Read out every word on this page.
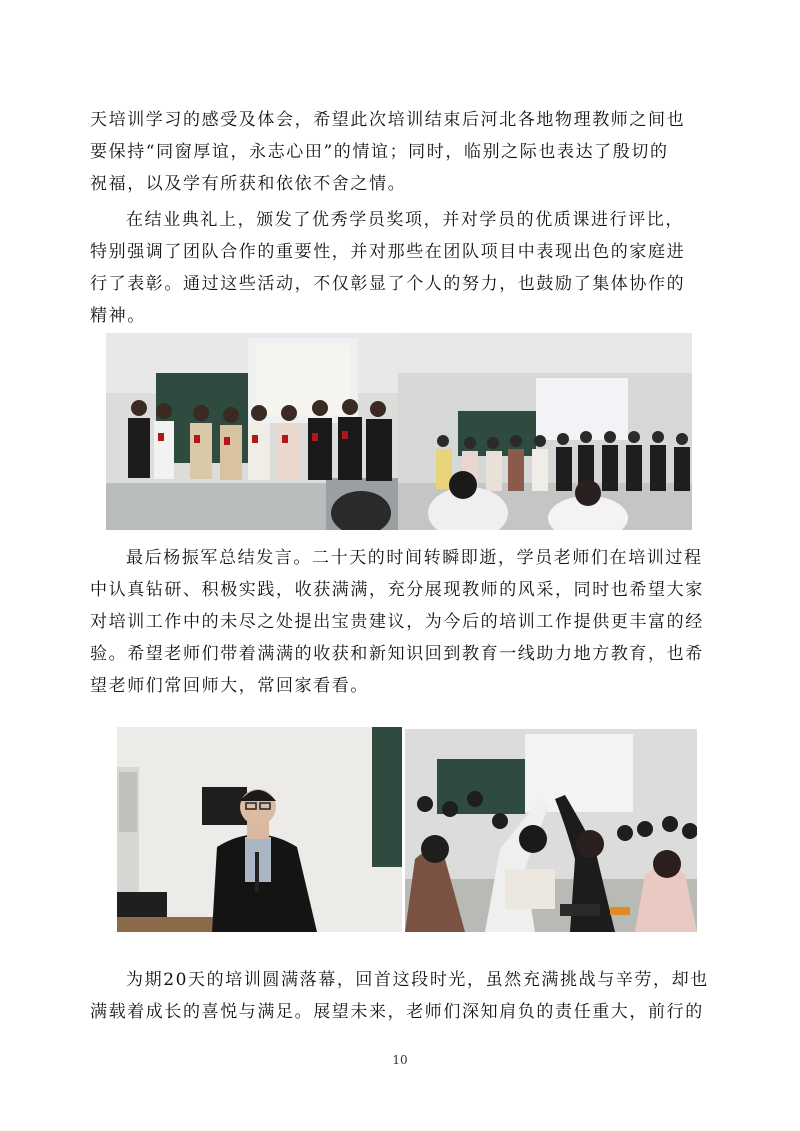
天培训学习的感受及体会，希望此次培训结束后河北各地物理教师之间也
要保持“同窗厚谊，永志心田”的情谊；同时，临别之际也表达了殷切的
祝福，以及学有所获和依依不舍之情。
在结业典礼上，颁发了优秀学员奖项，并对学员的优质课进行评比，
特别强调了团队合作的重要性，并对那些在团队项目中表现出色的家庭进
行了表彰。通过这些活动，不仅彰显了个人的努力，也鼓励了集体协作的
精神。
最后杨振军总结发言。二十天的时间转瞬即逝，学员老师们在培训过程
中认真钻研、积极实践，收获满满，充分展现教师的风采，同时也希望大家
对培训工作中的未尽之处提出宝贵建议，为今后的培训工作提供更丰富的经
验。希望老师们带着满满的收获和新知识回到教育一线助力地方教育，也希
望老师们常回师大，常回家看看。
为期20天的培训圆满落幕，回首这段时光，虽然充满挑战与辛劳，却也
满载着成长的喜悦与满足。展望未来，老师们深知肩负的责任重大，前行的
10
